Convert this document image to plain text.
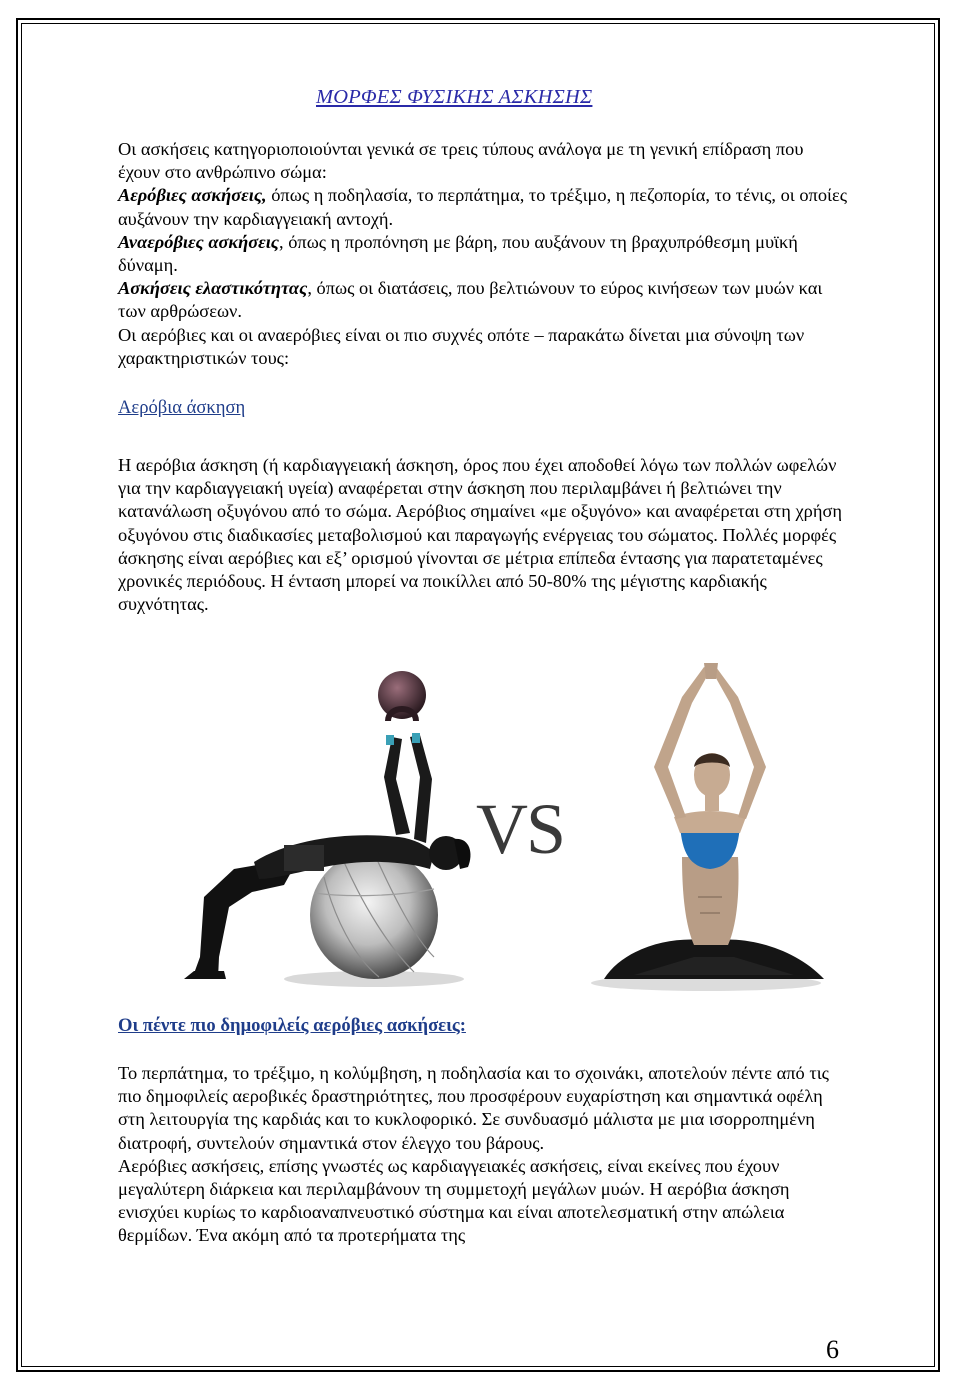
ΜΟΡΦΕΣ ΦΥΣΙΚΗΣ ΑΣΚΗΣΗΣ

Οι ασκήσεις κατηγοριοποιούνται γενικά σε τρεις τύπους ανάλογα με τη γενική επίδραση που έχουν στο ανθρώπινο σώμα:

Αερόβιες ασκήσεις, όπως η ποδηλασία, το περπάτημα, το τρέξιμο, η πεζοπορία, το τένις, οι οποίες αυξάνουν την καρδιαγγειακή αντοχή.

Αναερόβιες ασκήσεις, όπως η προπόνηση με βάρη, που αυξάνουν τη βραχυπρόθεσμη μυϊκή δύναμη.

Ασκήσεις ελαστικότητας, όπως οι διατάσεις, που βελτιώνουν το εύρος κινήσεων των μυών και των αρθρώσεων.

Οι αερόβιες και οι αναερόβιες είναι οι πιο συχνές οπότε – παρακάτω δίνεται μια σύνοψη των χαρακτηριστικών τους:

Αερόβια άσκηση

Η αερόβια άσκηση (ή καρδιαγγειακή άσκηση, όρος που έχει αποδοθεί λόγω των πολλών ωφελών για την καρδιαγγειακή υγεία) αναφέρεται στην άσκηση που περιλαμβάνει ή βελτιώνει την κατανάλωση οξυγόνου από το σώμα. Αερόβιος σημαίνει «με οξυγόνο» και αναφέρεται στη χρήση οξυγόνου στις διαδικασίες μεταβολισμού και παραγωγής ενέργειας του σώματος. Πολλές μορφές άσκησης είναι αερόβιες και εξ’ ορισμού γίνονται σε μέτρια επίπεδα έντασης για παρατεταμένες χρονικές περιόδους. Η ένταση μπορεί να ποικίλλει από 50-80% της μέγιστης καρδιακής συχνότητας.

VS
Οι πέντε πιο δημοφιλείς αερόβιες ασκήσεις:

Το περπάτημα, το τρέξιμο, η κολύμβηση, η ποδηλασία και το σχοινάκι, αποτελούν πέντε από τις πιο δημοφιλείς αεροβικές δραστηριότητες, που προσφέρουν ευχαρίστηση και σημαντικά οφέλη στη λειτουργία της καρδιάς και το κυκλοφορικό. Σε συνδυασμό μάλιστα με μια ισορροπημένη διατροφή, συντελούν σημαντικά στον έλεγχο του βάρους.

Αερόβιες ασκήσεις, επίσης γνωστές ως καρδιαγγειακές ασκήσεις, είναι εκείνες που έχουν μεγαλύτερη διάρκεια και περιλαμβάνουν τη συμμετοχή μεγάλων μυών. Η αερόβια άσκηση ενισχύει κυρίως το καρδιοαναπνευστικό σύστημα και είναι αποτελεσματική στην απώλεια θερμίδων. Ένα ακόμη από τα προτερήματα της

6
